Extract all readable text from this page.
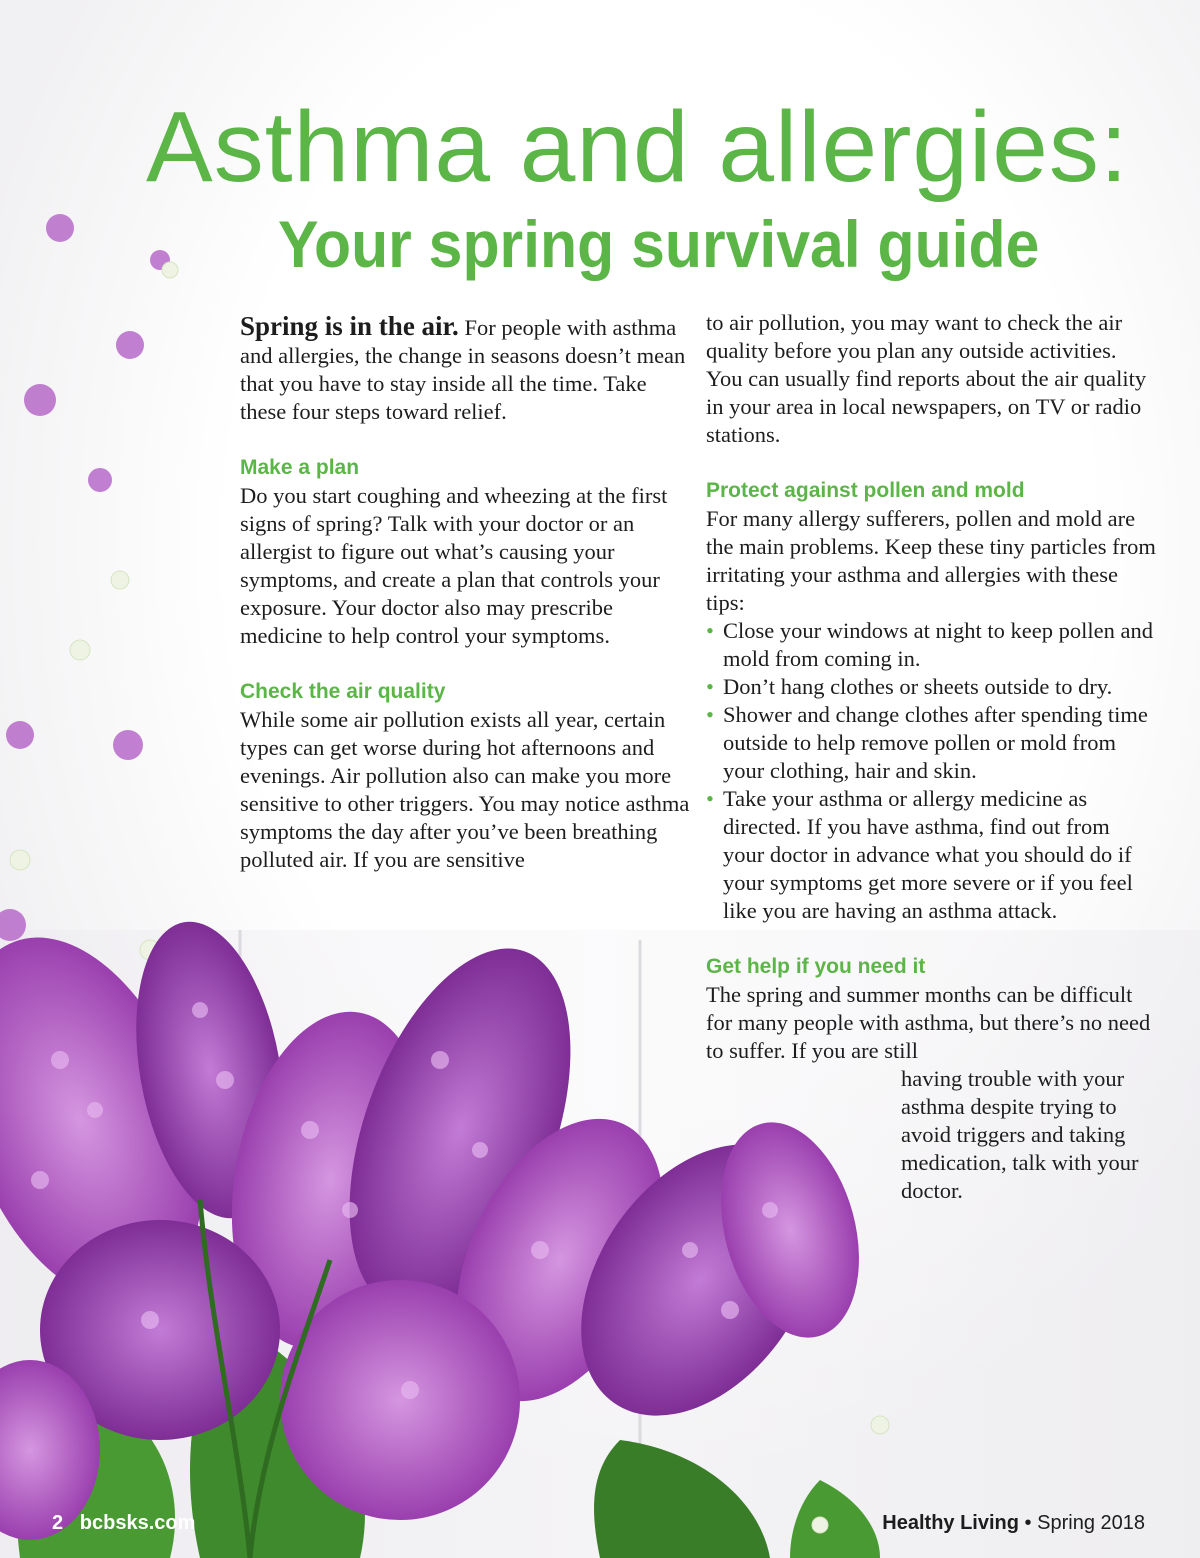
Asthma and allergies:
Your spring survival guide

Spring is in the air. For people with asthma and allergies, the change in seasons doesn’t mean that you have to stay inside all the time. Take these four steps toward relief.

Make a plan

Do you start coughing and wheezing at the first signs of spring? Talk with your doctor or an allergist to figure out what’s causing your symptoms, and create a plan that controls your exposure. Your doctor also may prescribe medicine to help control your symptoms.

Check the air quality

While some air pollution exists all year, certain types can get worse during hot afternoons and evenings. Air pollution also can make you more sensitive to other triggers. You may notice asthma symptoms the day after you’ve been breathing polluted air. If you are sensitive

to air pollution, you may want to check the air quality before you plan any outside activities. You can usually find reports about the air quality in your area in local newspapers, on TV or radio stations.

Protect against pollen and mold

For many allergy sufferers, pollen and mold are the main problems. Keep these tiny particles from irritating your asthma and allergies with these tips:

• Close your windows at night to keep pollen and mold from coming in.
• Don’t hang clothes or sheets outside to dry.
• Shower and change clothes after spending time outside to help remove pollen or mold from your clothing, hair and skin.
• Take your asthma or allergy medicine as directed. If you have asthma, find out from your doctor in advance what you should do if your symptoms get more severe or if you feel like you are having an asthma attack.
Get help if you need it

The spring and summer months can be difficult for many people with asthma, but there’s no need to suffer. If you are still

having trouble with your asthma despite trying to avoid triggers and taking medication, talk with your doctor.

2 bcbsks.com	Healthy Living • Spring 2018
